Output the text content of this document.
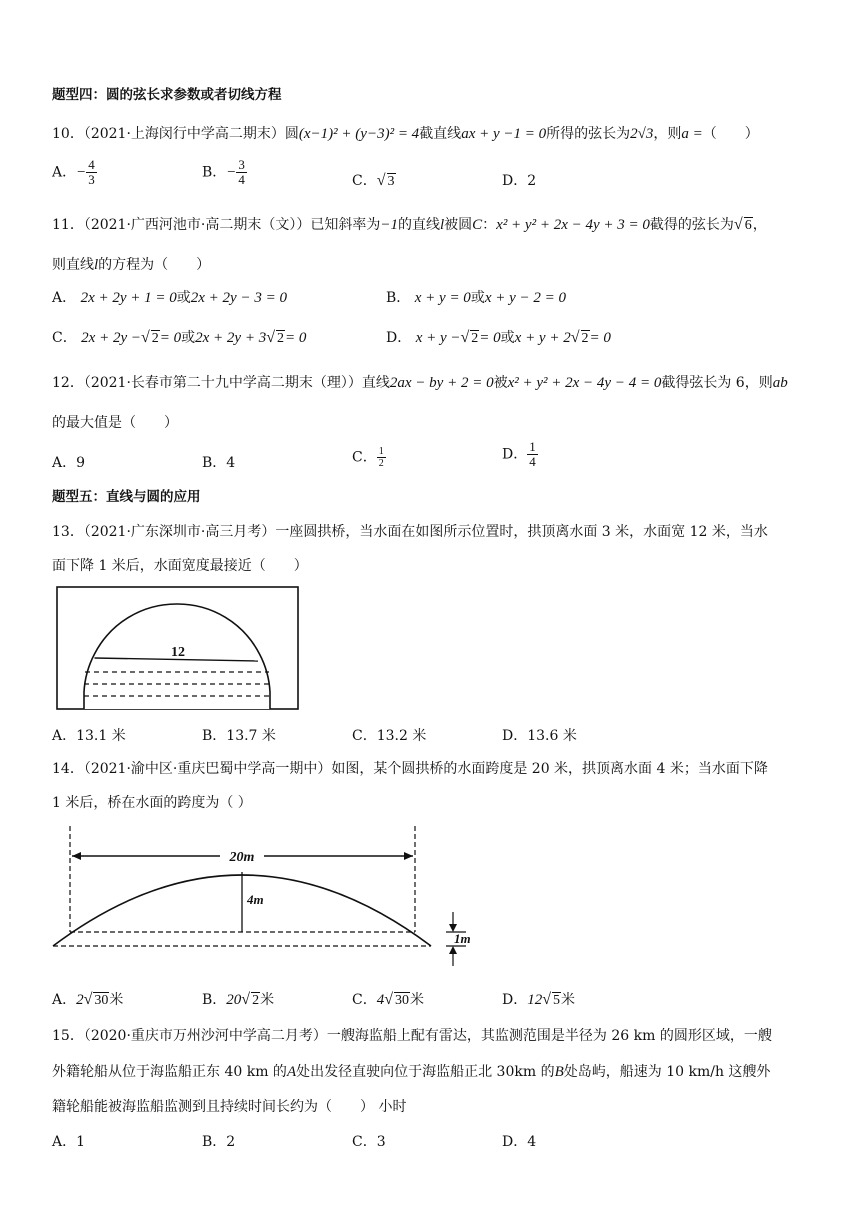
题型四：圆的弦长求参数或者切线方程
10．（2021·上海闵行中学高二期末）圆(x−1)² + (y−3)² = 4截直线ax + y −1 = 0所得的弦长为2√3，则a =（　　）
A．− $\frac{4}{3}$	B．− $\frac{3}{4}$	C．√ 3	D．2
11．（2021·广西河池市·高二期末（文））已知斜率为−1的直线l被圆C：x² + y² + 2x − 4y + 3 = 0截得的弦长为√ 6，
则直线l的方程为（　　）
A． 2x + 2y + 1 = 0或2x + 2y − 3 = 0	B． x + y = 0或x + y − 2 = 0
C． 2x + 2y −√ 2= 0或2x + 2y + 3√ 2= 0	D． x + y −√ 2= 0或x + y + 2√ 2= 0
12．（2021·长春市第二十九中学高二期末（理））直线2ax − by + 2 = 0被x² + y² + 2x − 4y − 4 = 0截得弦长为 6，则ab
的最大值是（　　）
A．9	B．4	C． $\frac{1}{2}$	D． $\frac{1}{4}$
题型五：直线与圆的应用
13．（2021·广东深圳市·高三月考）一座圆拱桥，当水面在如图所示位置时，拱顶离水面 3 米，水面宽 12 米，当水
面下降 1 米后，水面宽度最接近（　　）
12
A．13.1 米	B．13.7 米	C．13.2 米	D．13.6 米
14．（2021·渝中区·重庆巴蜀中学高一期中）如图，某个圆拱桥的水面跨度是 20 米，拱顶离水面 4 米；当水面下降
1 米后，桥在水面的跨度为（ ）
20m
4m
1m
A．2√ 30米	B．20√ 2米	C．4√ 30米	D．12√ 5米
15．（2020·重庆市万州沙河中学高二月考）一艘海监船上配有雷达，其监测范围是半径为 26 km 的圆形区域，一艘
外籍轮船从位于海监船正东 40 km 的A处出发径直驶向位于海监船正北 30km 的B处岛屿，船速为 10 km/h 这艘外
籍轮船能被海监船监测到且持续时间长约为（　　） 小时
A．1	B．2	C．3	D．4
